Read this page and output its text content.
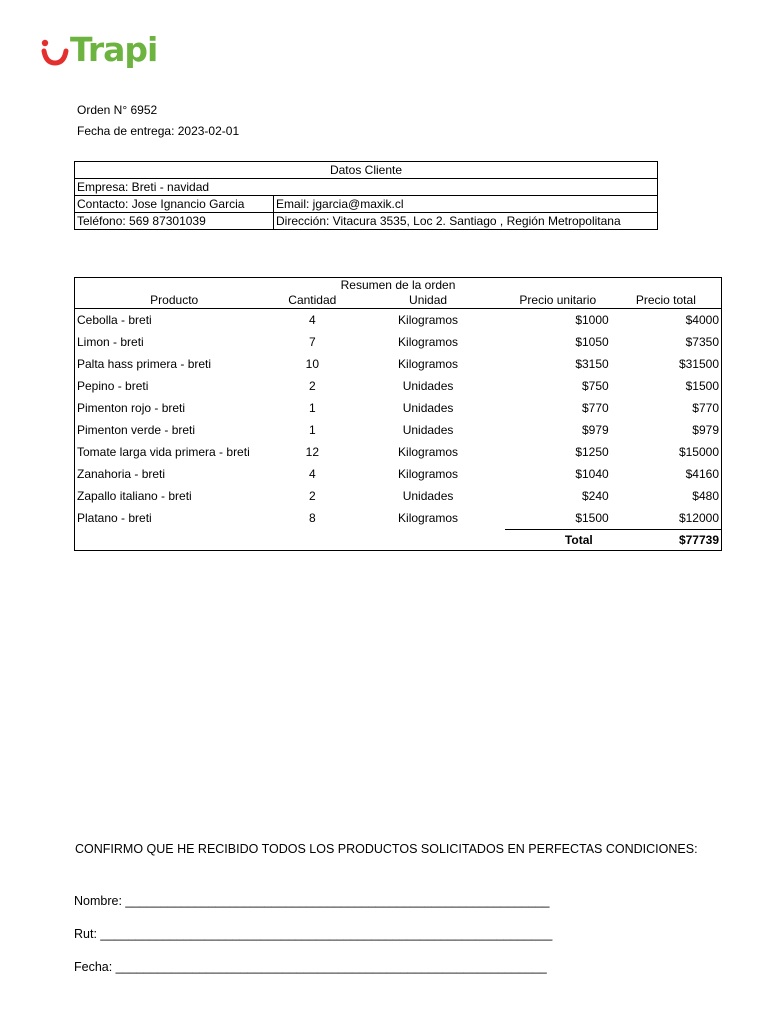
Trapi
Orden N° 6952
Fecha de entrega: 2023-02-01
Datos Cliente	
Empresa: Breti - navidad	
Contacto: Jose Ignancio Garcia	Email: jgarcia@maxik.cl
Teléfono: 569 87301039	Dirección: Vitacura 3535, Loc 2. Santiago , Región Metropolitana
Resumen de la orden				
Producto	Cantidad	Unidad	Precio unitario	Precio total
Cebolla - breti	4	Kilogramos	$1000	$4000
Limon - breti	7	Kilogramos	$1050	$7350
Palta hass primera - breti	10	Kilogramos	$3150	$31500
Pepino - breti	2	Unidades	$750	$1500
Pimenton rojo - breti	1	Unidades	$770	$770
Pimenton verde - breti	1	Unidades	$979	$979
Tomate larga vida primera - breti	12	Kilogramos	$1250	$15000
Zanahoria - breti	4	Kilogramos	$1040	$4160
Zapallo italiano - breti	2	Unidades	$240	$480
Platano - breti	8	Kilogramos	$1500	$12000
			Total	$77739
CONFIRMO QUE HE RECIBIDO TODOS LOS PRODUCTOS SOLICITADOS EN PERFECTAS CONDICIONES:
Nombre: _____________________________________________________________
Rut: _________________________________________________________________
Fecha: ______________________________________________________________
